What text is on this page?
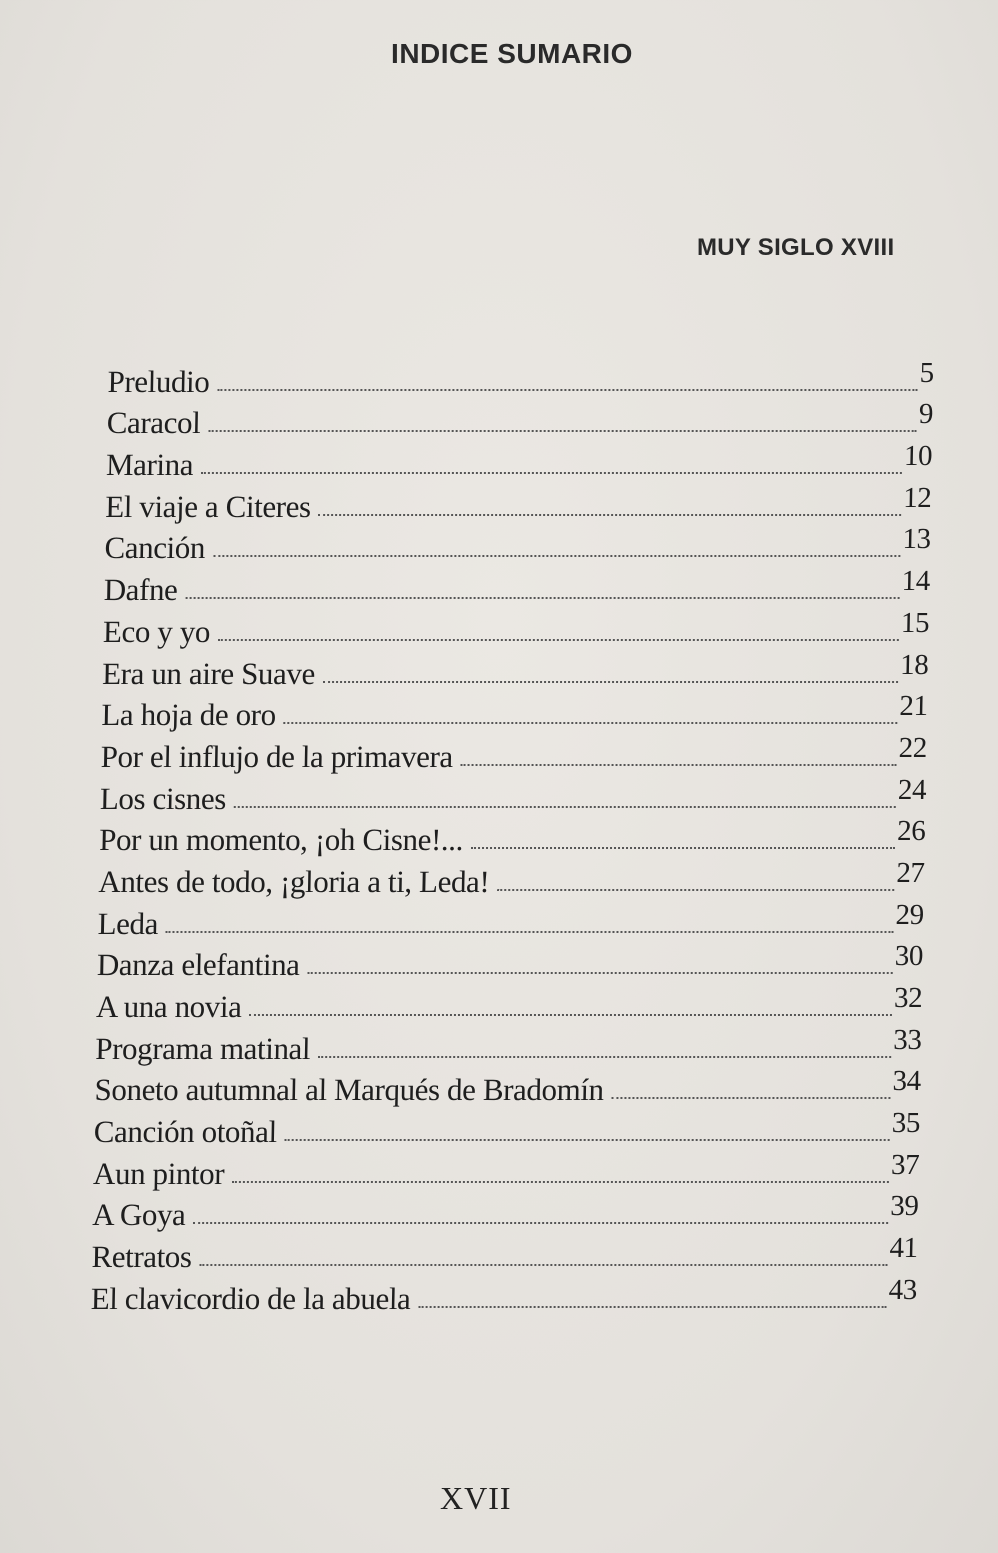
INDICE SUMARIO
MUY SIGLO XVIII
Preludio	5
Caracol	9
Marina	10
El viaje a Citeres	12
Canción	13
Dafne	14
Eco y yo	15
Era un aire Suave	18
La hoja de oro	21
Por el influjo de la primavera	22
Los cisnes	24
Por un momento, ¡oh Cisne!...	26
Antes de todo, ¡gloria a ti, Leda!	27
Leda	29
Danza elefantina	30
A una novia	32
Programa matinal	33
Soneto autumnal al Marqués de Bradomín	34
Canción otoñal	35
Aun pintor	37
A Goya	39
Retratos	41
El clavicordio de la abuela	43
XVII
